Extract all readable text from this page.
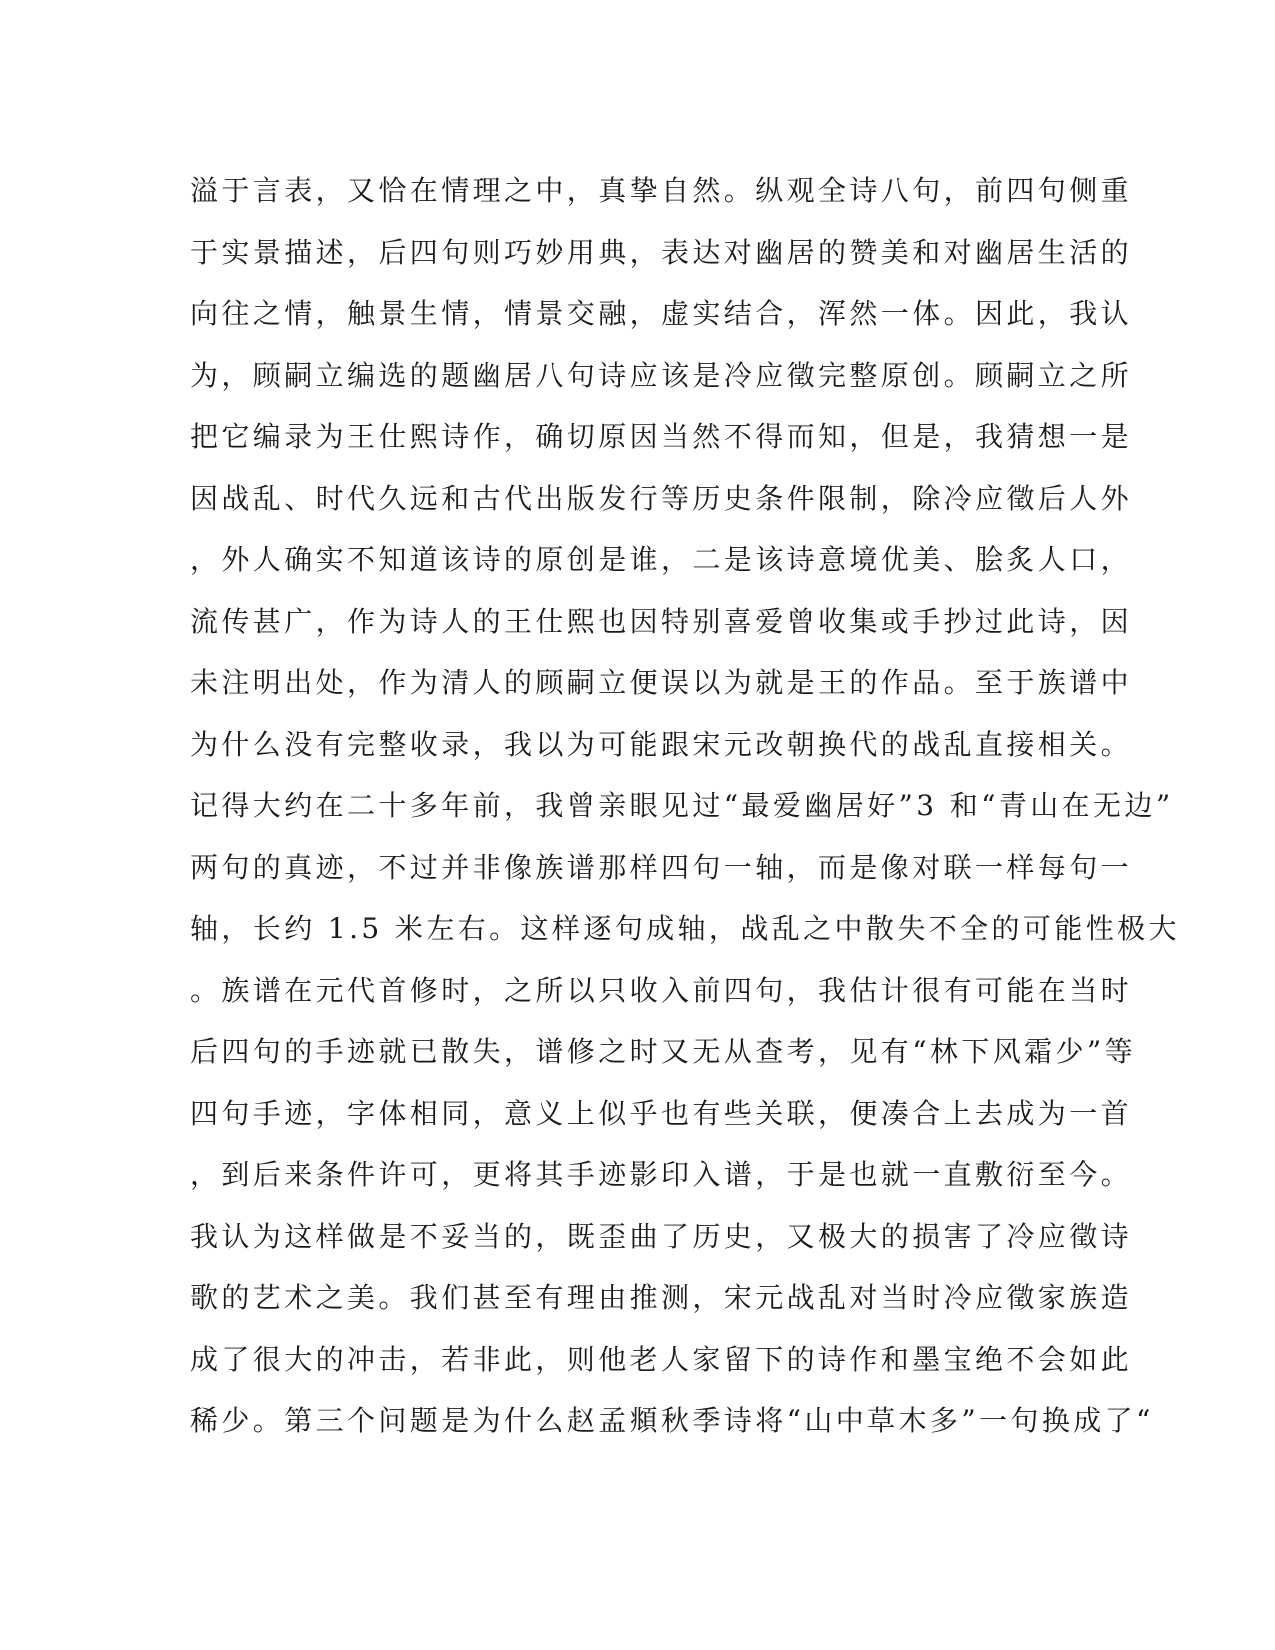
溢于言表，又恰在情理之中，真挚自然。纵观全诗八句，前四句侧重
于实景描述，后四句则巧妙用典，表达对幽居的赞美和对幽居生活的
向往之情，触景生情，情景交融，虚实结合，浑然一体。因此，我认
为，顾嗣立编选的题幽居八句诗应该是冷应徵完整原创。顾嗣立之所
把它编录为王仕熙诗作，确切原因当然不得而知，但是，我猜想一是
因战乱、时代久远和古代出版发行等历史条件限制，除冷应徵后人外
，外人确实不知道该诗的原创是谁，二是该诗意境优美、脍炙人口，
流传甚广，作为诗人的王仕熙也因特别喜爱曾收集或手抄过此诗，因
未注明出处，作为清人的顾嗣立便误以为就是王的作品。至于族谱中
为什么没有完整收录，我以为可能跟宋元改朝换代的战乱直接相关。
记得大约在二十多年前，我曾亲眼见过“最爱幽居好”3 和“青山在无边”
两句的真迹，不过并非像族谱那样四句一轴，而是像对联一样每句一
轴，长约 1.5 米左右。这样逐句成轴，战乱之中散失不全的可能性极大
。族谱在元代首修时，之所以只收入前四句，我估计很有可能在当时
后四句的手迹就已散失，谱修之时又无从查考，见有“林下风霜少”等
四句手迹，字体相同，意义上似乎也有些关联，便凑合上去成为一首
，到后来条件许可，更将其手迹影印入谱，于是也就一直敷衍至今。
我认为这样做是不妥当的，既歪曲了历史，又极大的损害了冷应徵诗
歌的艺术之美。我们甚至有理由推测，宋元战乱对当时冷应徵家族造
成了很大的冲击，若非此，则他老人家留下的诗作和墨宝绝不会如此
稀少。第三个问题是为什么赵孟頫秋季诗将“山中草木多”一句换成了“
